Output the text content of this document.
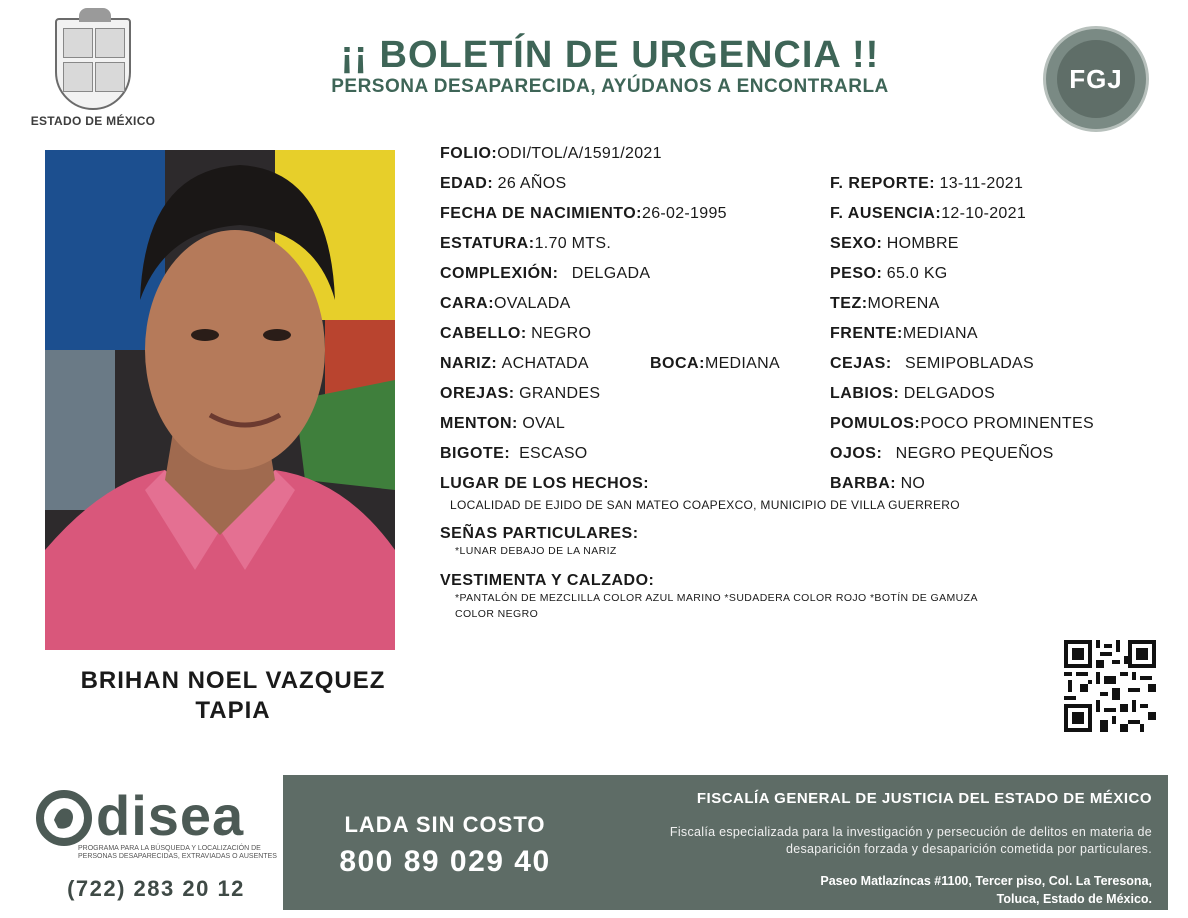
ESTADO DE MÉXICO
¡¡ BOLETÍN DE URGENCIA !!
PERSONA DESAPARECIDA, AYÚDANOS A ENCONTRARLA	FGJ
BRIHAN NOEL VAZQUEZ
TAPIA
FOLIO:ODI/TOL/A/1591/2021
EDAD: 26 AÑOS	F. REPORTE: 13-11-2021
FECHA DE NACIMIENTO:26-02-1995	F. AUSENCIA:12-10-2021
ESTATURA:1.70 MTS.	SEXO: HOMBRE
COMPLEXIÓN: DELGADA	PESO: 65.0 KG
CARA:OVALADA	TEZ:MORENA
CABELLO: NEGRO	FRENTE:MEDIANA
NARIZ: ACHATADA	BOCA:MEDIANA	CEJAS: SEMIPOBLADAS
OREJAS: GRANDES	LABIOS: DELGADOS
MENTON: OVAL	POMULOS:POCO PROMINENTES
BIGOTE: ESCASO	OJOS: NEGRO PEQUEÑOS
LUGAR DE LOS HECHOS:	BARBA: NO
LOCALIDAD DE EJIDO DE SAN MATEO COAPEXCO, MUNICIPIO DE VILLA GUERRERO
SEÑAS PARTICULARES:
*LUNAR DEBAJO DE LA NARIZ
VESTIMENTA Y CALZADO:
*PANTALÓN DE MEZCLILLA COLOR AZUL MARINO *SUDADERA COLOR ROJO *BOTÍN DE GAMUZA COLOR NEGRO
disea
PROGRAMA PARA LA BÚSQUEDA Y LOCALIZACIÓN DE PERSONAS DESAPARECIDAS, EXTRAVIADAS O AUSENTES
(722) 283 20 12
LADA SIN COSTO
800 89 029 40
FISCALÍA GENERAL DE JUSTICIA DEL ESTADO DE MÉXICO
Fiscalía especializada para la investigación y persecución de delitos en materia de desaparición forzada y desaparición cometida por particulares.
Paseo Matlazíncas #1100, Tercer piso, Col. La Teresona,
Toluca, Estado de México.
